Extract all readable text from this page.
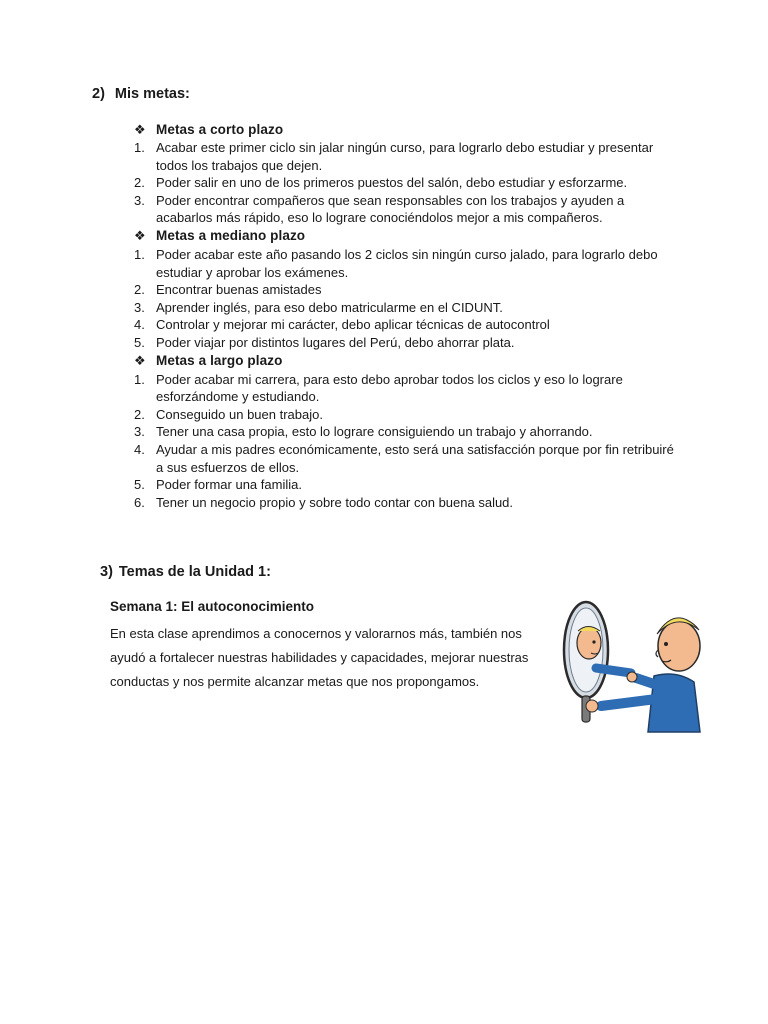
2) Mis metas:
❖ Metas a corto plazo
1. Acabar este primer ciclo sin jalar ningún curso, para lograrlo debo estudiar y presentar todos los trabajos que dejen.
2. Poder salir en uno de los primeros puestos del salón, debo estudiar y esforzarme.
3. Poder encontrar compañeros que sean responsables con los trabajos y ayuden a acabarlos más rápido, eso lo lograre conociéndolos mejor a mis compañeros.
❖ Metas a mediano plazo
1. Poder acabar este año pasando los 2 ciclos sin ningún curso jalado, para lograrlo debo estudiar y aprobar los exámenes.
2. Encontrar buenas amistades
3. Aprender inglés, para eso debo matricularme en el CIDUNT.
4. Controlar y mejorar mi carácter, debo aplicar técnicas de autocontrol
5. Poder viajar por distintos lugares del Perú, debo ahorrar plata.
❖ Metas a largo plazo
1. Poder acabar mi carrera, para esto debo aprobar todos los ciclos y eso lo lograre esforzándome y estudiando.
2. Conseguido un buen trabajo.
3. Tener una casa propia, esto lo lograre consiguiendo un trabajo y ahorrando.
4. Ayudar a mis padres económicamente, esto será una satisfacción porque por fin retribuiré a sus esfuerzos de ellos.
5. Poder formar una familia.
6. Tener un negocio propio y sobre todo contar con buena salud.
3) Temas de la Unidad 1:
Semana 1: El autoconocimiento
En esta clase aprendimos a conocernos y valorarnos más, también nos ayudó a fortalecer nuestras habilidades y capacidades, mejorar nuestras conductas y nos permite alcanzar metas que nos propongamos.
